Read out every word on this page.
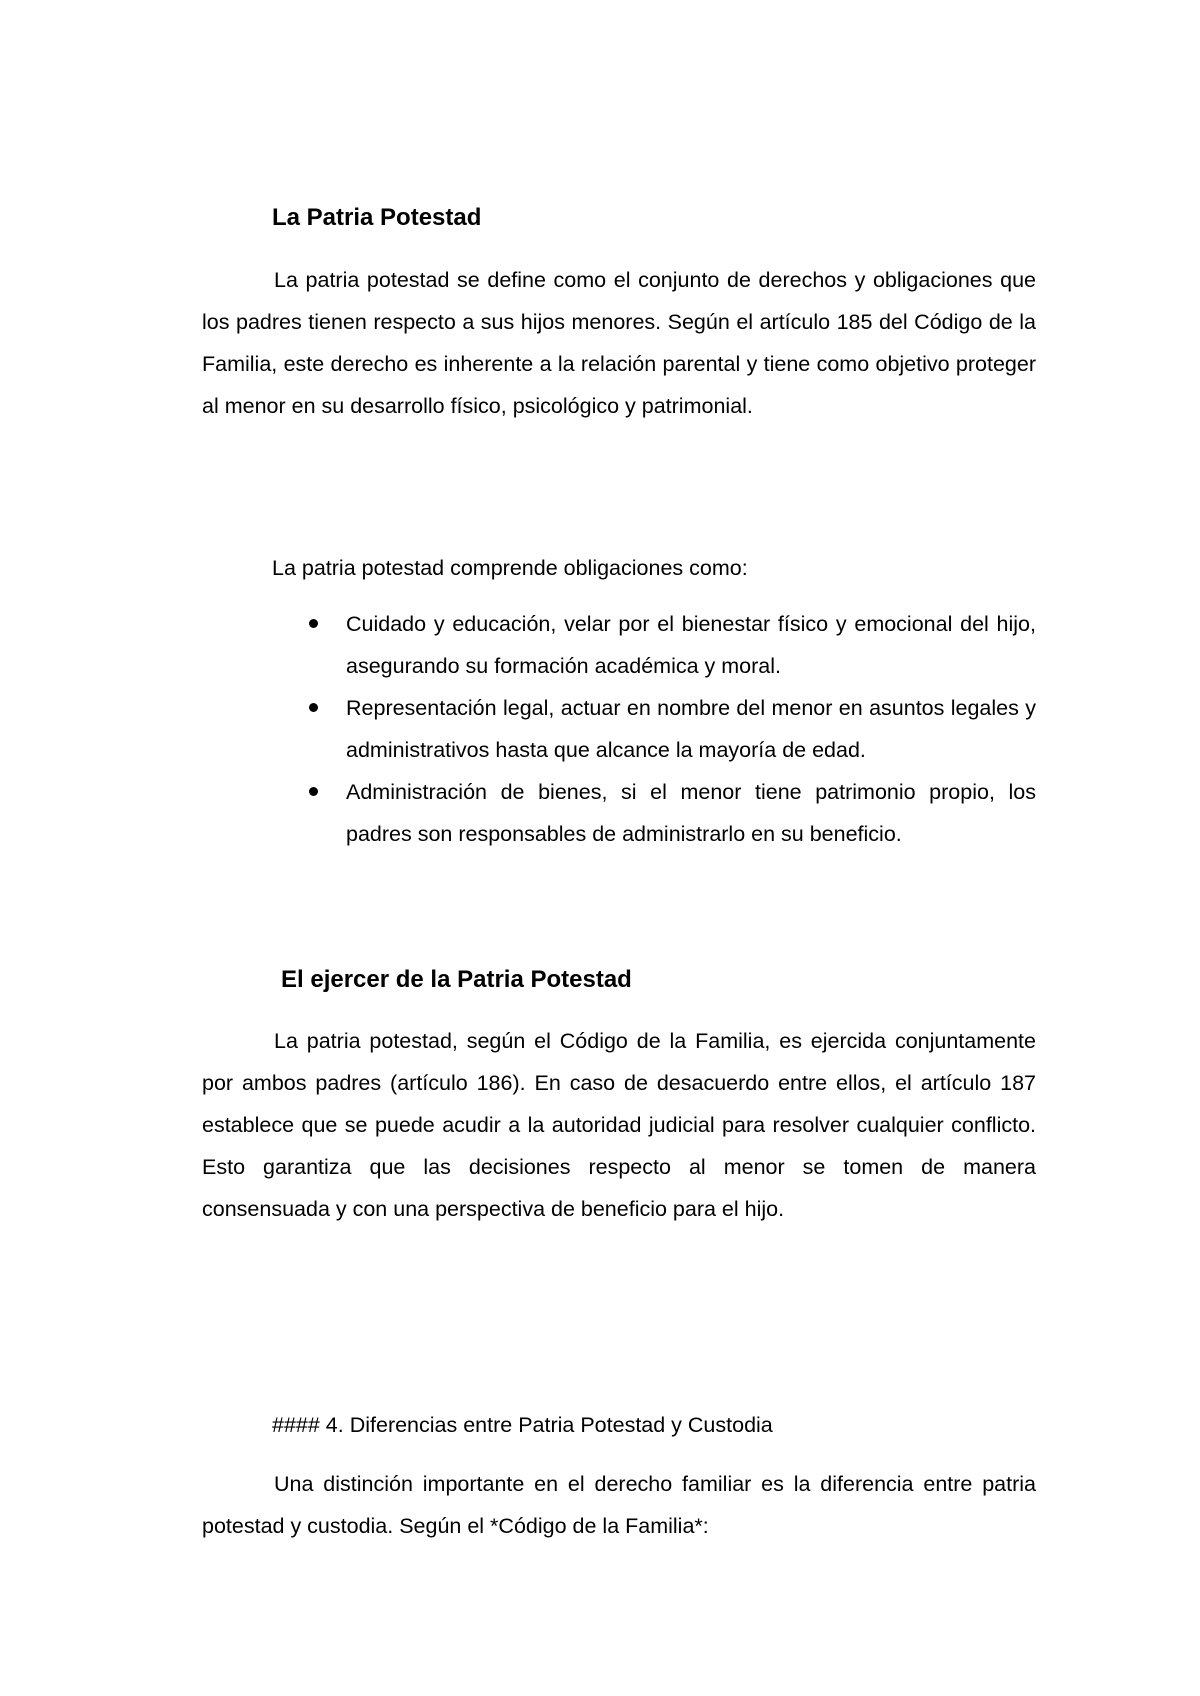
La Patria Potestad

La patria potestad se define como el conjunto de derechos y obligaciones que los padres tienen respecto a sus hijos menores. Según el artículo 185 del Código de la Familia, este derecho es inherente a la relación parental y tiene como objetivo proteger al menor en su desarrollo físico, psicológico y patrimonial.

La patria potestad comprende obligaciones como:

Cuidado y educación, velar por el bienestar físico y emocional del hijo, asegurando su formación académica y moral.
Representación legal, actuar en nombre del menor en asuntos legales y administrativos hasta que alcance la mayoría de edad.
Administración de bienes, si el menor tiene patrimonio propio, los padres son responsables de administrarlo en su beneficio.
El ejercer de la Patria Potestad

La patria potestad, según el Código de la Familia, es ejercida conjuntamente por ambos padres (artículo 186). En caso de desacuerdo entre ellos, el artículo 187 establece que se puede acudir a la autoridad judicial para resolver cualquier conflicto. Esto garantiza que las decisiones respecto al menor se tomen de manera consensuada y con una perspectiva de beneficio para el hijo.

#### 4. Diferencias entre Patria Potestad y Custodia

Una distinción importante en el derecho familiar es la diferencia entre patria potestad y custodia. Según el *Código de la Familia*:
